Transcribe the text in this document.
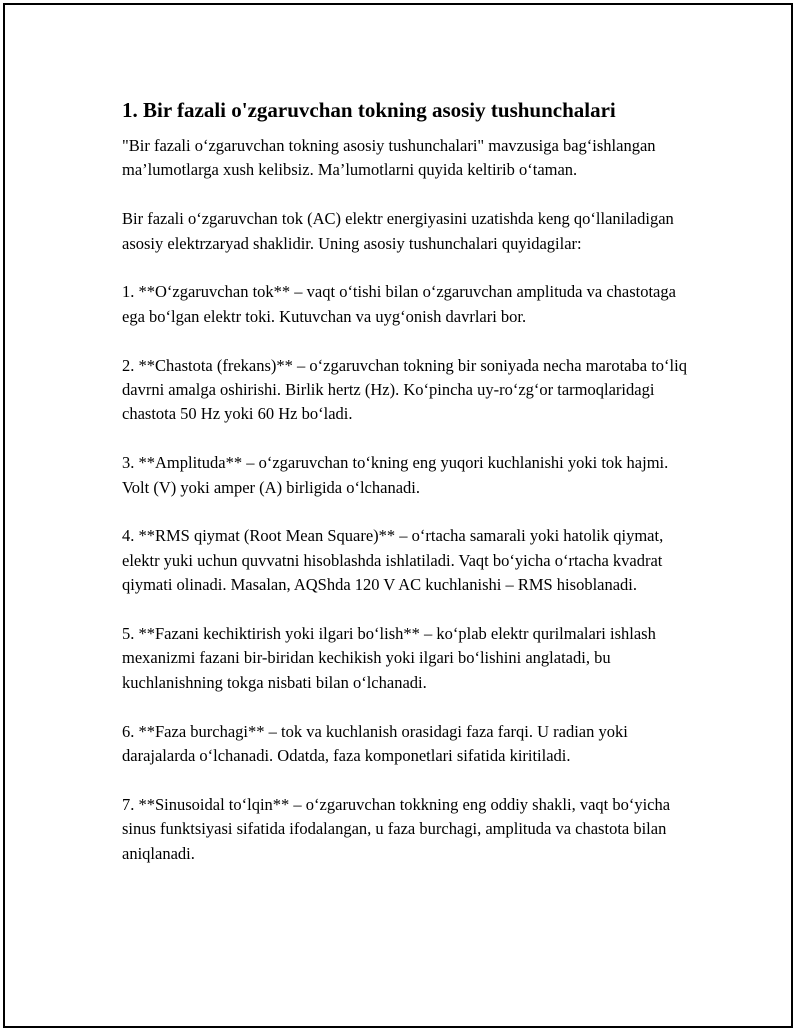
1. Bir fazali o'zgaruvchan tokning asosiy tushunchalari

"Bir fazali o‘zgaruvchan tokning asosiy tushunchalari" mavzusiga bag‘ishlangan ma’lumotlarga xush kelibsiz. Ma’lumotlarni quyida keltirib o‘taman.

Bir fazali o‘zgaruvchan tok (AC) elektr energiyasini uzatishda keng qo‘llaniladigan asosiy elektrzaryad shaklidir. Uning asosiy tushunchalari quyidagilar:

1. **O‘zgaruvchan tok** – vaqt o‘tishi bilan o‘zgaruvchan amplituda va chastotaga ega bo‘lgan elektr toki. Kutuvchan va uyg‘onish davrlari bor.

2. **Chastota (frekans)** – o‘zgaruvchan tokning bir soniyada necha marotaba to‘liq davrni amalga oshirishi. Birlik hertz (Hz). Ko‘pincha uy-ro‘zg‘or tarmoqlaridagi chastota 50 Hz yoki 60 Hz bo‘ladi.

3. **Amplituda** – o‘zgaruvchan to‘kning eng yuqori kuchlanishi yoki tok hajmi. Volt (V) yoki amper (A) birligida o‘lchanadi.

4. **RMS qiymat (Root Mean Square)** – o‘rtacha samarali yoki hatolik qiymat, elektr yuki uchun quvvatni hisoblashda ishlatiladi. Vaqt bo‘yicha o‘rtacha kvadrat qiymati olinadi. Masalan, AQShda 120 V AC kuchlanishi – RMS hisoblanadi.

5. **Fazani kechiktirish yoki ilgari bo‘lish** – ko‘plab elektr qurilmalari ishlash mexanizmi fazani bir-biridan kechikish yoki ilgari bo‘lishini anglatadi, bu kuchlanishning tokga nisbati bilan o‘lchanadi.

6. **Faza burchagi** – tok va kuchlanish orasidagi faza farqi. U radian yoki darajalarda o‘lchanadi. Odatda, faza komponetlari sifatida kiritiladi.

7. **Sinusoidal to‘lqin** – o‘zgaruvchan tokkning eng oddiy shakli, vaqt bo‘yicha sinus funktsiyasi sifatida ifodalangan, u faza burchagi, amplituda va chastota bilan aniqlanadi.
